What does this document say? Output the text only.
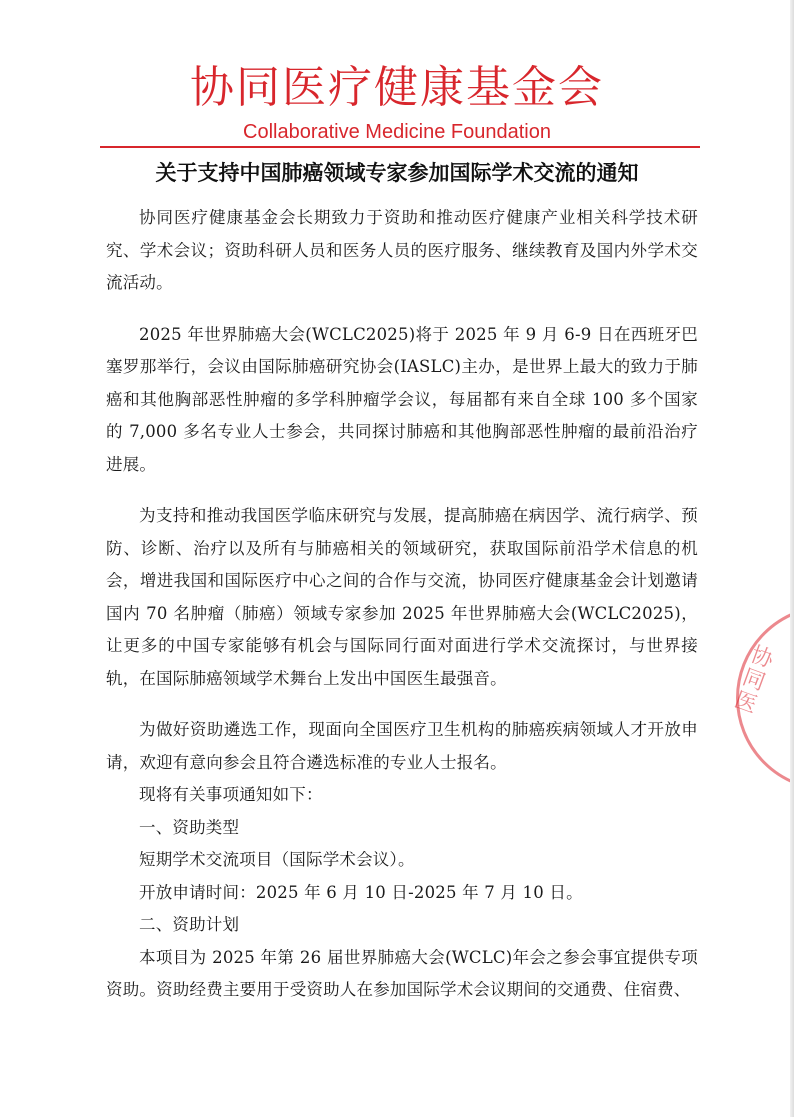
协同医疗健康基金会
Collaborative Medicine Foundation
关于支持中国肺癌领域专家参加国际学术交流的通知

协同医疗健康基金会长期致力于资助和推动医疗健康产业相关科学技术研究、学术会议；资助科研人员和医务人员的医疗服务、继续教育及国内外学术交流活动。

2025 年世界肺癌大会(WCLC2025)将于 2025 年 9 月 6-9 日在西班牙巴塞罗那举行，会议由国际肺癌研究协会(IASLC)主办，是世界上最大的致力于肺癌和其他胸部恶性肿瘤的多学科肿瘤学会议，每届都有来自全球 100 多个国家的 7,000 多名专业人士参会，共同探讨肺癌和其他胸部恶性肿瘤的最前沿治疗进展。

为支持和推动我国医学临床研究与发展，提高肺癌在病因学、流行病学、预防、诊断、治疗以及所有与肺癌相关的领域研究，获取国际前沿学术信息的机会，增进我国和国际医疗中心之间的合作与交流，协同医疗健康基金会计划邀请国内 70 名肿瘤（肺癌）领域专家参加 2025 年世界肺癌大会(WCLC2025)，让更多的中国专家能够有机会与国际同行面对面进行学术交流探讨，与世界接轨，在国际肺癌领域学术舞台上发出中国医生最强音。

为做好资助遴选工作，现面向全国医疗卫生机构的肺癌疾病领域人才开放申请，欢迎有意向参会且符合遴选标准的专业人士报名。

现将有关事项通知如下：

一、资助类型

短期学术交流项目（国际学术会议）。

开放申请时间：2025 年 6 月 10 日-2025 年 7 月 10 日。

二、资助计划

本项目为 2025 年第 26 届世界肺癌大会(WCLC)年会之参会事宜提供专项资助。资助经费主要用于受资助人在参加国际学术会议期间的交通费、住宿费、

协同医
